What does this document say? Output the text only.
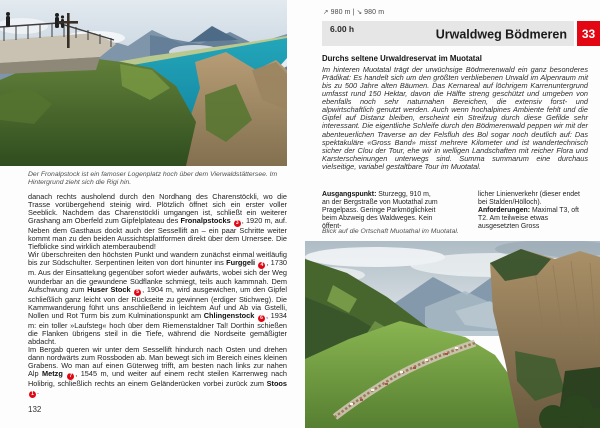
Der Fronalpstock ist ein famoser Logenplatz hoch über dem Vierwaldstättersee. Im Hintergrund zieht sich die Rigi hin.

danach rechts ausholend durch den Nordhang des Charenstöckli, wo die Trasse vorübergehend steinig wird. Plötzlich öffnet sich ein erster voller Seeblick. Nachdem das Charenstöckli umgangen ist, schließt ein weiterer Grashang am Oberfeld zum Gipfelplateau des Fronalpstocks 3 , 1920 m, auf. Neben dem Gasthaus dockt auch der Sessellift an – ein paar Schritte weiter kommt man zu den beiden Aussichtsplattformen direkt über dem Urnersee. Die Tiefblicke sind wirklich atemberaubend!

Wir überschreiten den höchsten Punkt und wandern zunächst einmal weitläufig bis zur Südschulter. Serpentinen leiten von dort hinunter ins Furggeli 4 , 1730 m. Aus der Einsattelung gegenüber sofort wieder aufwärts, wobei sich der Weg wunderbar an die gewundene Südflanke schmiegt, teils auch kammnah. Dem Aufschwung zum Huser Stock 5 , 1904 m, wird ausgewichen, um den Gipfel schließlich ganz leicht von der Rückseite zu gewinnen (erdiger Stichweg). Die Kammwanderung führt uns anschließend in leichtem Auf und Ab via Gstelli, Nollen und Rot Turm bis zum Kulminationspunkt am Chlingenstock 6 , 1934 m: ein toller »Laufsteg« hoch über dem Riemenstaldner Tal! Dorthin schießen die Flanken übrigens steil in die Tiefe, während die Nordseite gemäßigter abdacht.

Im Bergab queren wir unter dem Sessellift hindurch nach Osten und drehen dann nordwärts zum Rossboden ab. Man bewegt sich im Bereich eines kleinen Grabens. Wo man auf einen Güterweg trifft, am besten nach links zur nahen Alp Metzg 7 , 1545 m, und weiter auf einem recht steilen Karrenweg nach Holibrig, schließlich rechts an einem Geländerücken vorbei zurück zum Stoos 1 .

132
↗ 980 m | ↘ 980 m
6.00 h	Urwaldweg Bödmeren	33
Durchs seltene Urwaldreservat im Muotatal
Im hinteren Muotatal trägt der urwüchsige Bödmerenwald ein ganz besonderes Prädikat: Es handelt sich um den größten verbliebenen Urwald im Alpenraum mit bis zu 500 Jahre alten Bäumen. Das Kernareal auf löchrigem Karrenuntergrund umfasst rund 150 Hektar, davon die Hälfte streng geschützt und umgeben von ebenfalls noch sehr naturnahen Bereichen, die extensiv forst- und alpwirtschaftlich genutzt werden. Auch wenn hochalpines Ambiente fehlt und die Gipfel auf Distanz bleiben, erscheint ein Streifzug durch diese Gefilde sehr interessant. Die eigentliche Schleife durch den Bödmerenwald peppen wir mit der abenteuerlichen Traverse an der Felsfluh des Bol sogar noch deutlich auf: Das spektakuläre «Gross Band» misst mehrere Kilometer und ist wandertechnisch sicher der Clou der Tour, ehe wir in welligen Landschaften mit reicher Flora und Karsterscheinungen unterwegs sind. Summa summarum eine durchaus vielseitige, variabel gestaltbare Tour im Muotatal.
Ausgangspunkt: Sturzegg, 910 m, an der Bergstraße von Muotathal zum Pragelpass. Geringe Parkmöglichkeit beim Abzweig des Waldweges. Kein öffent-
licher Linienverkehr (dieser endet bei Stalden/Hölloch).
Anforderungen: Maximal T3, oft T2. Am teilweise etwas ausgesetzten Gross
Blick auf die Ortschaft Muotathal im Muotatal.
